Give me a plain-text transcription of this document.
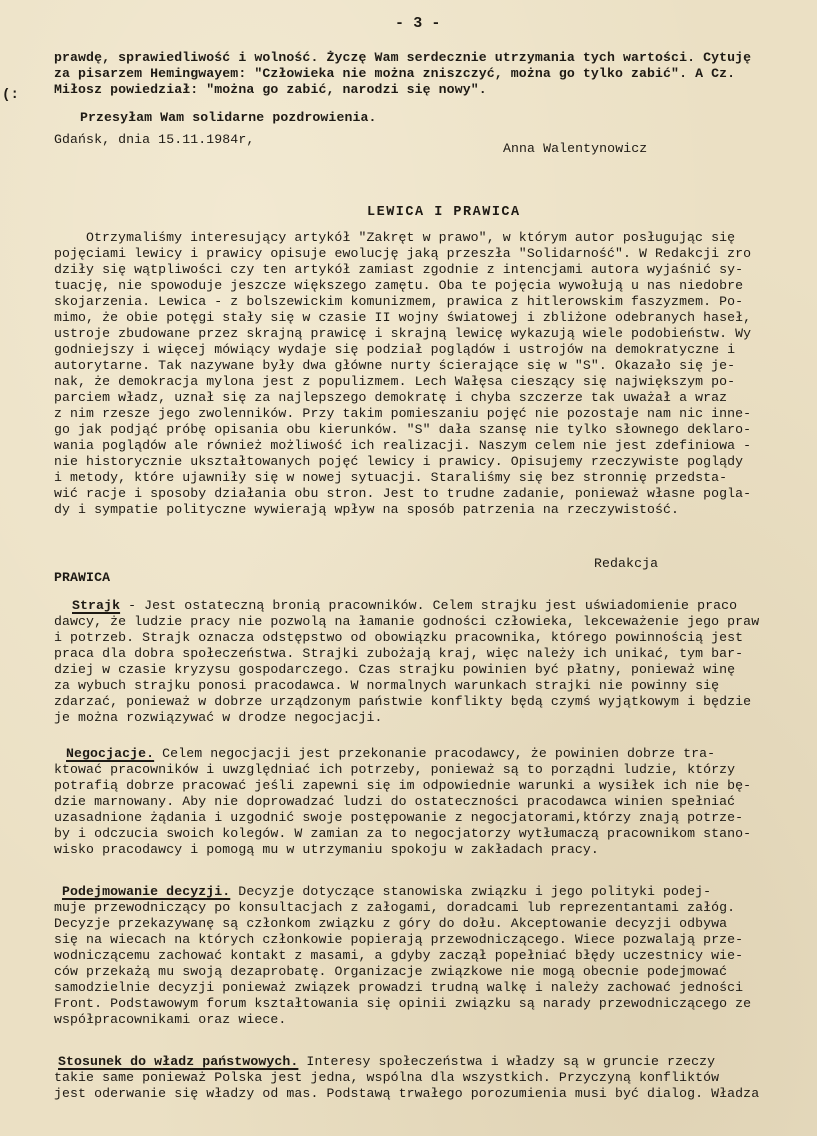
- 3 -
(:
prawdę, sprawiedliwość i wolność. Życzę Wam serdecznie utrzymania tych wartości. Cytuję
za pisarzem Hemingwayem: "Człowieka nie można zniszczyć, można go tylko zabić". A Cz.
Miłosz powiedział: "można go zabić, narodzi się nowy".
Przesyłam Wam solidarne pozdrowienia.
Gdańsk, dnia 15.11.1984r,
Anna Walentynowicz
LEWICA I PRAWICA
Otrzymaliśmy interesujący artykół "Zakręt w prawo", w którym autor posługując się
pojęciami lewicy i prawicy opisuje ewolucję jaką przeszła "Solidarność". W Redakcji zro
dziły się wątpliwości czy ten artykół zamiast zgodnie z intencjami autora wyjaśnić sy-
tuację, nie spowoduje jeszcze większego zamętu. Oba te pojęcia wywołują u nas niedobre
skojarzenia. Lewica - z bolszewickim komunizmem, prawica z hitlerowskim faszyzmem. Po-
mimo, że obie potęgi stały się w czasie II wojny światowej i zbliżone odebranych haseł,
ustroje zbudowane przez skrajną prawicę i skrajną lewicę wykazują wiele podobieństw. Wy
godniejszy i więcej mówiący wydaje się podział poglądów i ustrojów na demokratyczne i
autorytarne. Tak nazywane były dwa główne nurty ścierające się w "S". Okazało się je-
nak, że demokracja mylona jest z populizmem. Lech Wałęsa cieszący się największym po-
parciem władz, uznał się za najlepszego demokratę i chyba szczerze tak uważał a wraz
z nim rzesze jego zwolenników. Przy takim pomieszaniu pojęć nie pozostaje nam nic inne-
go jak podjąć próbę opisania obu kierunków. "S" dała szansę nie tylko słownego deklaro-
wania poglądów ale również możliwość ich realizacji. Naszym celem nie jest zdefiniowa -
nie historycznie ukształtowanych pojęć lewicy i prawicy. Opisujemy rzeczywiste poglądy
i metody, które ujawniły się w nowej sytuacji. Staraliśmy się bez stronnię przedsta-
wić racje i sposoby działania obu stron. Jest to trudne zadanie, ponieważ własne pogla-
dy i sympatie polityczne wywierają wpływ na sposób patrzenia na rzeczywistość.
Redakcja
PRAWICA
Strajk - Jest ostateczną bronią pracowników. Celem strajku jest uświadomienie praco
dawcy, że ludzie pracy nie pozwolą na łamanie godności człowieka, lekceważenie jego praw
i potrzeb. Strajk oznacza odstępstwo od obowiązku pracownika, którego powinnością jest
praca dla dobra społeczeństwa. Strajki zubożają kraj, więc należy ich unikać, tym bar-
dziej w czasie kryzysu gospodarczego. Czas strajku powinien być płatny, ponieważ winę
za wybuch strajku ponosi pracodawca. W normalnych warunkach strajki nie powinny się
zdarzać, ponieważ w dobrze urządzonym państwie konflikty będą czymś wyjątkowym i będzie
je można rozwiązywać w drodze negocjacji.
Negocjacje. Celem negocjacji jest przekonanie pracodawcy, że powinien dobrze tra-
ktować pracowników i uwzględniać ich potrzeby, ponieważ są to porządni ludzie, którzy
potrafią dobrze pracować jeśli zapewni się im odpowiednie warunki a wysiłek ich nie bę-
dzie marnowany. Aby nie doprowadzać ludzi do ostateczności pracodawca winien spełniać
uzasadnione żądania i uzgodnić swoje postępowanie z negocjatorami,którzy znają potrze-
by i odczucia swoich kolegów. W zamian za to negocjatorzy wytłumaczą pracownikom stano-
wisko pracodawcy i pomogą mu w utrzymaniu spokoju w zakładach pracy.
Podejmowanie decyzji. Decyzje dotyczące stanowiska związku i jego polityki podej-
muje przewodniczący po konsultacjach z załogami, doradcami lub reprezentantami załóg.
Decyzje przekazywanę są członkom związku z góry do dołu. Akceptowanie decyzji odbywa
się na wiecach na których członkowie popierają przewodniczącego. Wiece pozwalają prze-
wodniczącemu zachować kontakt z masami, a gdyby zaczął popełniać błędy uczestnicy wie-
ców przekażą mu swoją dezaprobatę. Organizacje związkowe nie mogą obecnie podejmować
samodzielnie decyzji ponieważ związek prowadzi trudną walkę i należy zachować jedności
Front. Podstawowym forum kształtowania się opinii związku są narady przewodniczącego ze
współpracownikami oraz wiece.
Stosunek do władz państwowych. Interesy społeczeństwa i władzy są w gruncie rzeczy
takie same ponieważ Polska jest jedna, wspólna dla wszystkich. Przyczyną konfliktów
jest oderwanie się władzy od mas. Podstawą trwałego porozumienia musi być dialog. Władza
